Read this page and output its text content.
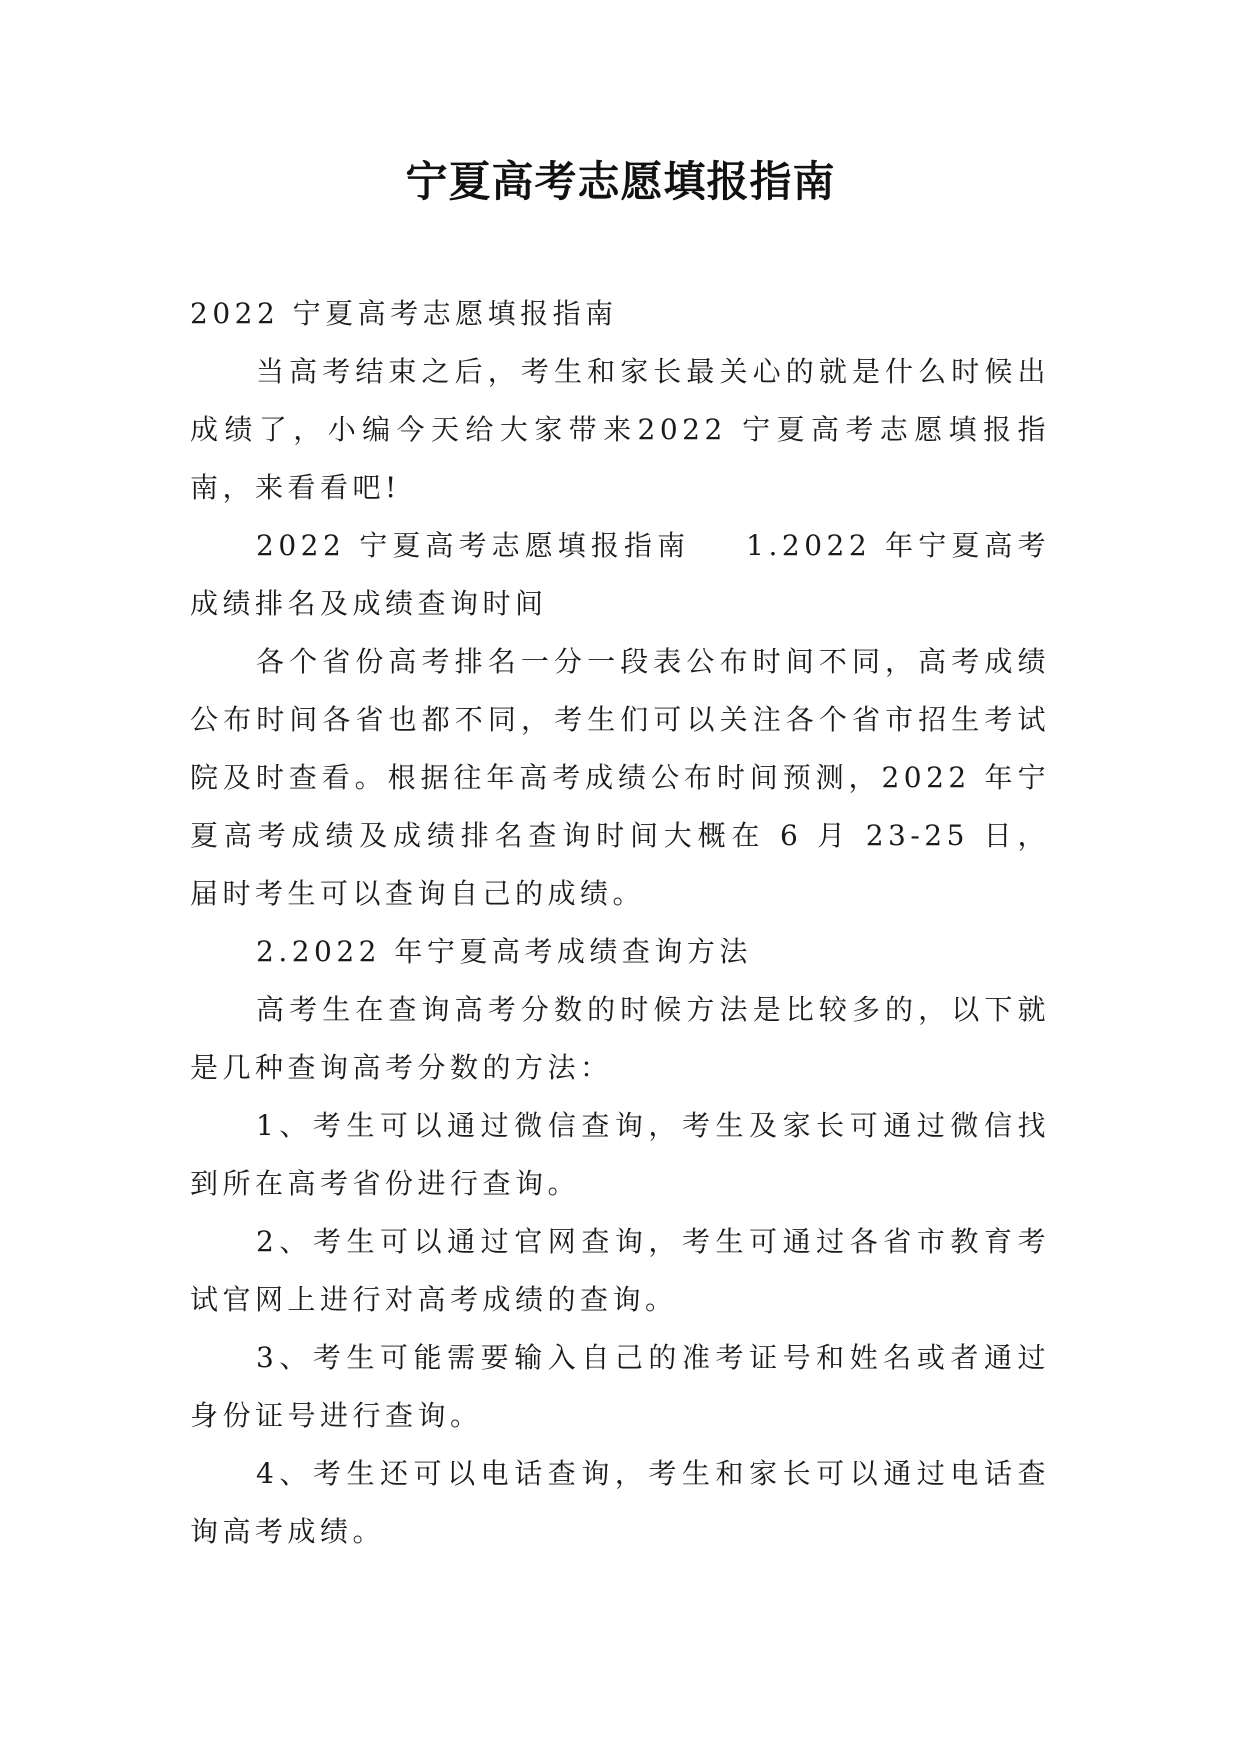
宁夏高考志愿填报指南

2022 宁夏高考志愿填报指南

当高考结束之后，考生和家长最关心的就是什么时候出成绩了，小编今天给大家带来2022 宁夏高考志愿填报指南，来看看吧!

2022 宁夏高考志愿填报指南 1.2022 年宁夏高考成绩排名及成绩查询时间

各个省份高考排名一分一段表公布时间不同，高考成绩公布时间各省也都不同，考生们可以关注各个省市招生考试院及时查看。根据往年高考成绩公布时间预测，2022 年宁夏高考成绩及成绩排名查询时间大概在 6 月 23-25 日，届时考生可以查询自己的成绩。

2.2022 年宁夏高考成绩查询方法

高考生在查询高考分数的时候方法是比较多的，以下就是几种查询高考分数的方法：

1、考生可以通过微信查询，考生及家长可通过微信找到所在高考省份进行查询。

2、考生可以通过官网查询，考生可通过各省市教育考试官网上进行对高考成绩的查询。

3、考生可能需要输入自己的准考证号和姓名或者通过身份证号进行查询。

4、考生还可以电话查询，考生和家长可以通过电话查询高考成绩。
